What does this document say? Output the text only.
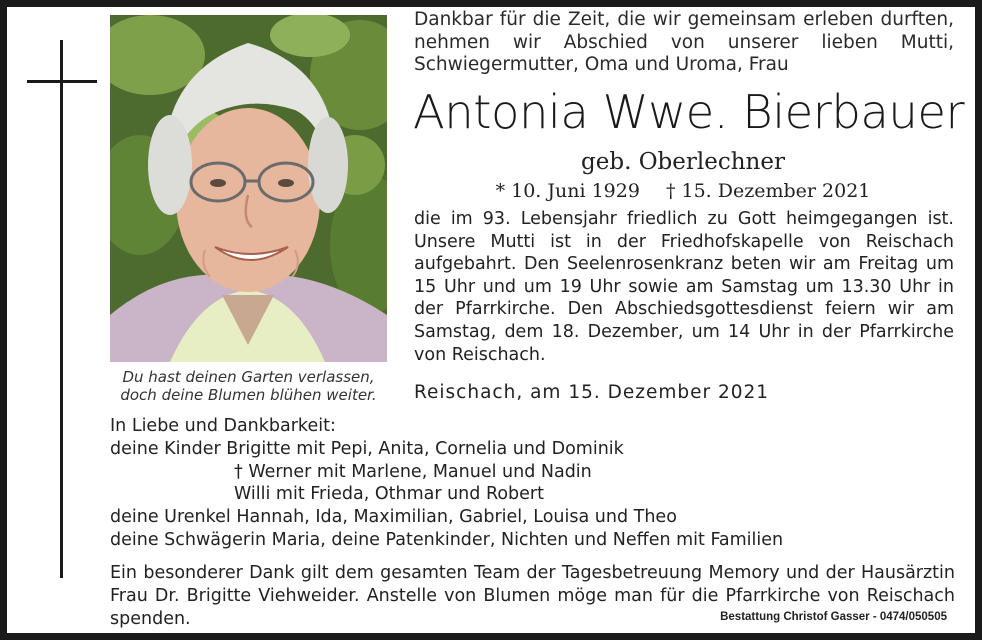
Du hast deinen Garten verlassen,
doch deine Blumen blühen weiter.
Dankbar für die Zeit, die wir gemeinsam erleben durften, nehmen wir Abschied von unserer lieben Mutti, Schwiegermutter, Oma und Uroma, Frau
Antonia Wwe. Bierbauer
geb. Oberlechner
* 10. Juni 1929 † 15. Dezember 2021
die im 93. Lebensjahr friedlich zu Gott heimgegangen ist. Unsere Mutti ist in der Friedhofskapelle von Reischach aufgebahrt. Den Seelenrosenkranz beten wir am Freitag um 15 Uhr und um 19 Uhr sowie am Samstag um 13.30 Uhr in der Pfarrkirche. Den Abschiedsgottesdienst feiern wir am Samstag, dem 18. Dezember, um 14 Uhr in der Pfarrkirche von Reischach.
Reischach, am 15. Dezember 2021
In Liebe und Dankbarkeit:
deine Kinder Brigitte mit Pepi, Anita, Cornelia und Dominik
† Werner mit Marlene, Manuel und Nadin
Willi mit Frieda, Othmar und Robert
deine Urenkel Hannah, Ida, Maximilian, Gabriel, Louisa und Theo
deine Schwägerin Maria, deine Patenkinder, Nichten und Neffen mit Familien
Ein besonderer Dank gilt dem gesamten Team der Tagesbetreuung Memory und der Hausärztin Frau Dr. Brigitte Viehweider. Anstelle von Blumen möge man für die Pfarrkirche von Reischach spenden.	Bestattung Christof Gasser - 0474/050505
